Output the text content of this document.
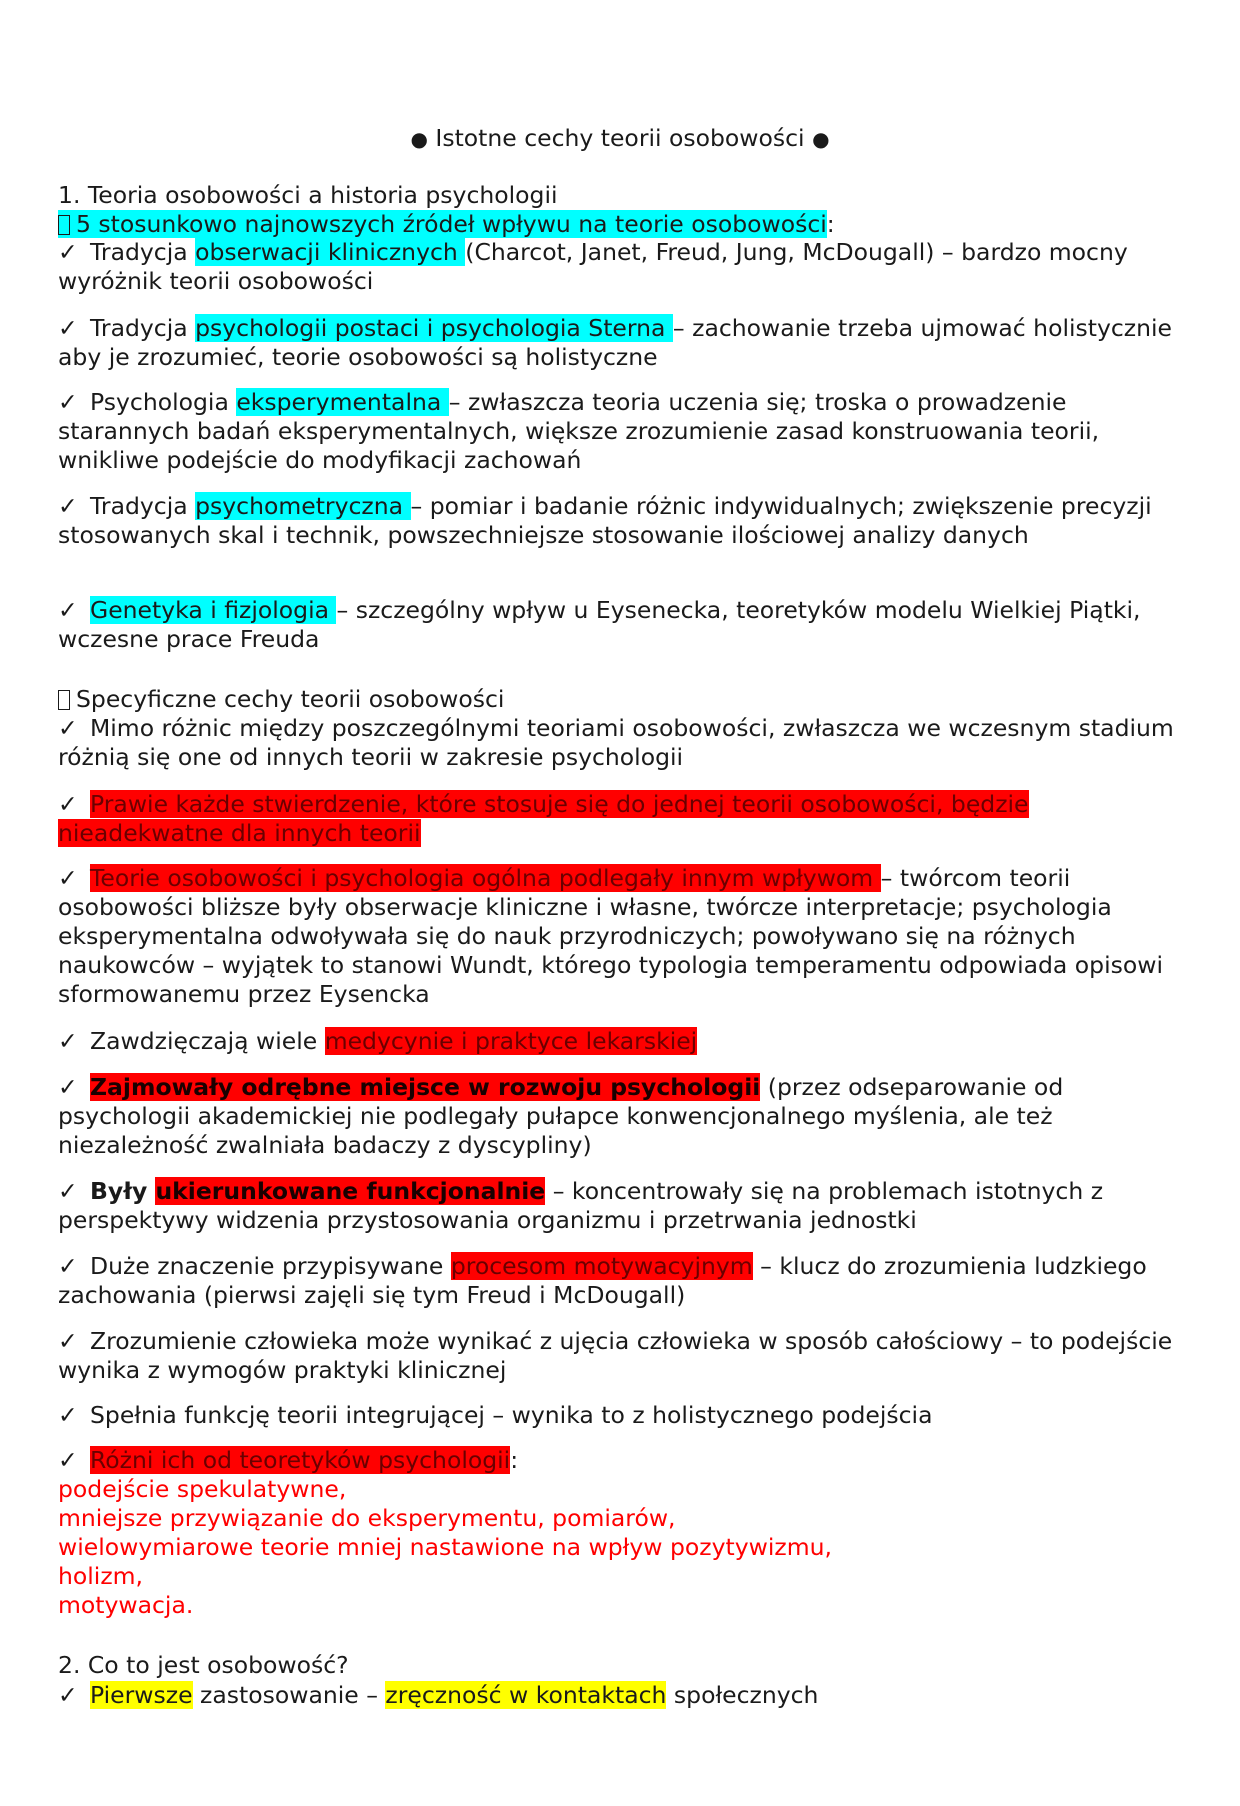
● Istotne cechy teorii osobowości ●
1. Teoria osobowości a historia psychologii
5 stosunkowo najnowszych źródeł wpływu na teorie osobowości:
✓ Tradycja obserwacji klinicznych (Charcot, Janet, Freud, Jung, McDougall) – bardzo mocny wyróżnik teorii osobowości
✓ Tradycja psychologii postaci i psychologia Sterna – zachowanie trzeba ujmować holistycznie aby je zrozumieć, teorie osobowości są holistyczne
✓ Psychologia eksperymentalna – zwłaszcza teoria uczenia się; troska o prowadzenie starannych badań eksperymentalnych, większe zrozumienie zasad konstruowania teorii, wnikliwe podejście do modyfikacji zachowań
✓ Tradycja psychometryczna – pomiar i badanie różnic indywidualnych; zwiększenie precyzji stosowanych skal i technik, powszechniejsze stosowanie ilościowej analizy danych
✓ Genetyka i fizjologia – szczególny wpływ u Eysenecka, teoretyków modelu Wielkiej Piątki, wczesne prace Freuda
Specyficzne cechy teorii osobowości
✓ Mimo różnic między poszczególnymi teoriami osobowości, zwłaszcza we wczesnym stadium różnią się one od innych teorii w zakresie psychologii
✓ Prawie każde stwierdzenie, które stosuje się do jednej teorii osobowości, będzie nieadekwatne dla innych teorii
✓ Teorie osobowości i psychologia ogólna podlegały innym wpływom – twórcom teorii osobowości bliższe były obserwacje kliniczne i własne, twórcze interpretacje; psychologia eksperymentalna odwoływała się do nauk przyrodniczych; powoływano się na różnych naukowców – wyjątek to stanowi Wundt, którego typologia temperamentu odpowiada opisowi sformowanemu przez Eysencka
✓ Zawdzięczają wiele medycynie i praktyce lekarskiej
✓ Zajmowały odrębne miejsce w rozwoju psychologii (przez odseparowanie od psychologii akademickiej nie podlegały pułapce konwencjonalnego myślenia, ale też niezależność zwalniała badaczy z dyscypliny)
✓ Były ukierunkowane funkcjonalnie – koncentrowały się na problemach istotnych z perspektywy widzenia przystosowania organizmu i przetrwania jednostki
✓ Duże znaczenie przypisywane procesom motywacyjnym – klucz do zrozumienia ludzkiego zachowania (pierwsi zajęli się tym Freud i McDougall)
✓ Zrozumienie człowieka może wynikać z ujęcia człowieka w sposób całościowy – to podejście wynika z wymogów praktyki klinicznej
✓ Spełnia funkcję teorii integrującej – wynika to z holistycznego podejścia
✓ Różni ich od teoretyków psychologii:
podejście spekulatywne,
mniejsze przywiązanie do eksperymentu, pomiarów,
wielowymiarowe teorie mniej nastawione na wpływ pozytywizmu,
holizm,
motywacja.
2. Co to jest osobowość?
✓ Pierwsze zastosowanie – zręczność w kontaktach społecznych
